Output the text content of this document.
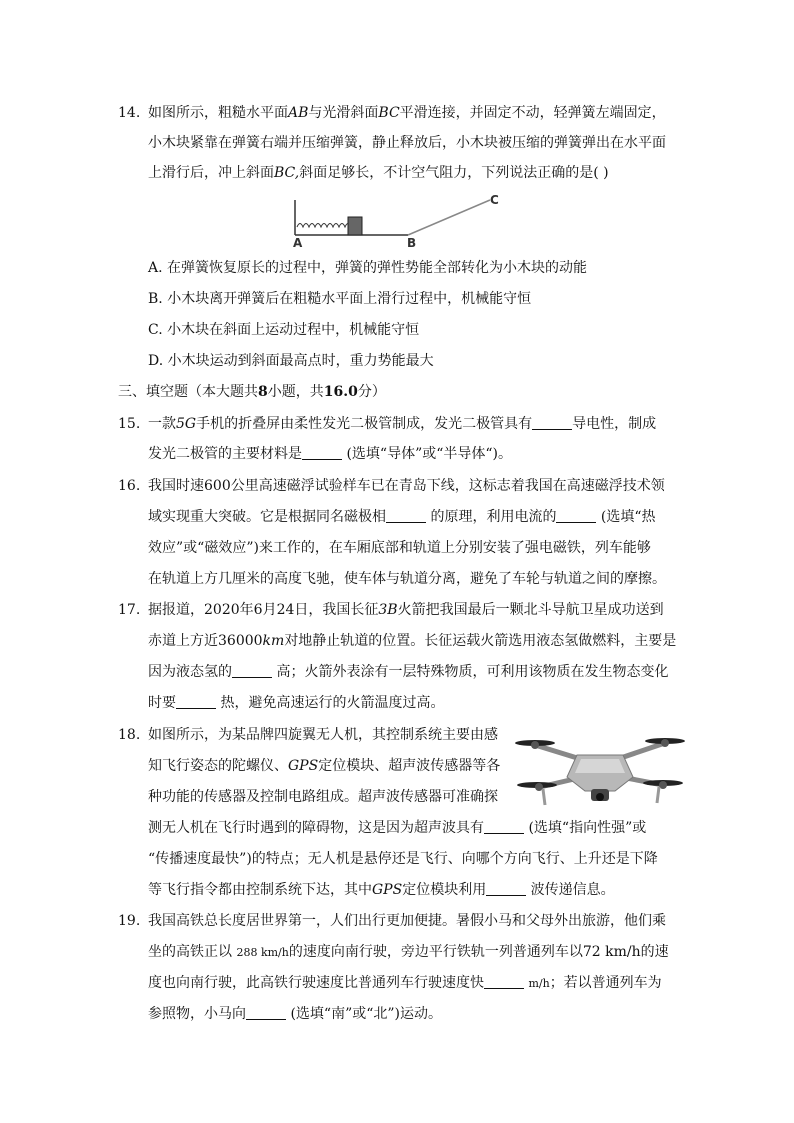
14. 如图所示，粗糙水平面AB与光滑斜面BC平滑连接，并固定不动，轻弹簧左端固定，
小木块紧靠在弹簧右端并压缩弹簧，静止释放后，小木块被压缩的弹簧弹出在水平面
上滑行后，冲上斜面BC,斜面足够长，不计空气阻力，下列说法正确的是( )
A	B
C
A. 在弹簧恢复原长的过程中，弹簧的弹性势能全部转化为小木块的动能
B. 小木块离开弹簧后在粗糙水平面上滑行过程中，机械能守恒
C. 小木块在斜面上运动过程中，机械能守恒
D. 小木块运动到斜面最高点时，重力势能最大
三、填空题（本大题共8小题，共16.0分）
15. 一款5G手机的折叠屏由柔性发光二极管制成，发光二极管具有	导电性，制成
发光二极管的主要材料是	(选填“导体”或“半导体“)。
16. 我国时速600公里高速磁浮试验样车已在青岛下线，这标志着我国在高速磁浮技术领
域实现重大突破。它是根据同名磁极相	的原理，利用电流的	(选填“热
效应”或“磁效应”)来工作的，在车厢底部和轨道上分别安装了强电磁铁，列车能够
在轨道上方几厘米的高度飞驰，使车体与轨道分离，避免了车轮与轨道之间的摩擦。
17. 据报道，2020年6月24日，我国长征3B火箭把我国最后一颗北斗导航卫星成功送到
赤道上方近36000km对地静止轨道的位置。长征运载火箭选用液态氢做燃料，主要是
因为液态氢的	高；火箭外表涂有一层特殊物质，可利用该物质在发生物态变化
时要	热，避免高速运行的火箭温度过高。
18. 如图所示，为某品牌四旋翼无人机，其控制系统主要由感
知飞行姿态的陀螺仪、GPS定位模块、超声波传感器等各
种功能的传感器及控制电路组成。超声波传感器可准确探
测无人机在飞行时遇到的障碍物，这是因为超声波具有	(选填“指向性强”或
“传播速度最快”)的特点；无人机是悬停还是飞行、向哪个方向飞行、上升还是下降
等飞行指令都由控制系统下达，其中GPS定位模块利用	波传递信息。
19. 我国高铁总长度居世界第一，人们出行更加便捷。暑假小马和父母外出旅游，他们乘
坐的高铁正以 288 km/h的速度向南行驶，旁边平行铁轨一列普通列车以72 km/h的速
度也向南行驶，此高铁行驶速度比普通列车行驶速度快	m/h；若以普通列车为
参照物，小马向	(选填“南”或“北”)运动。
